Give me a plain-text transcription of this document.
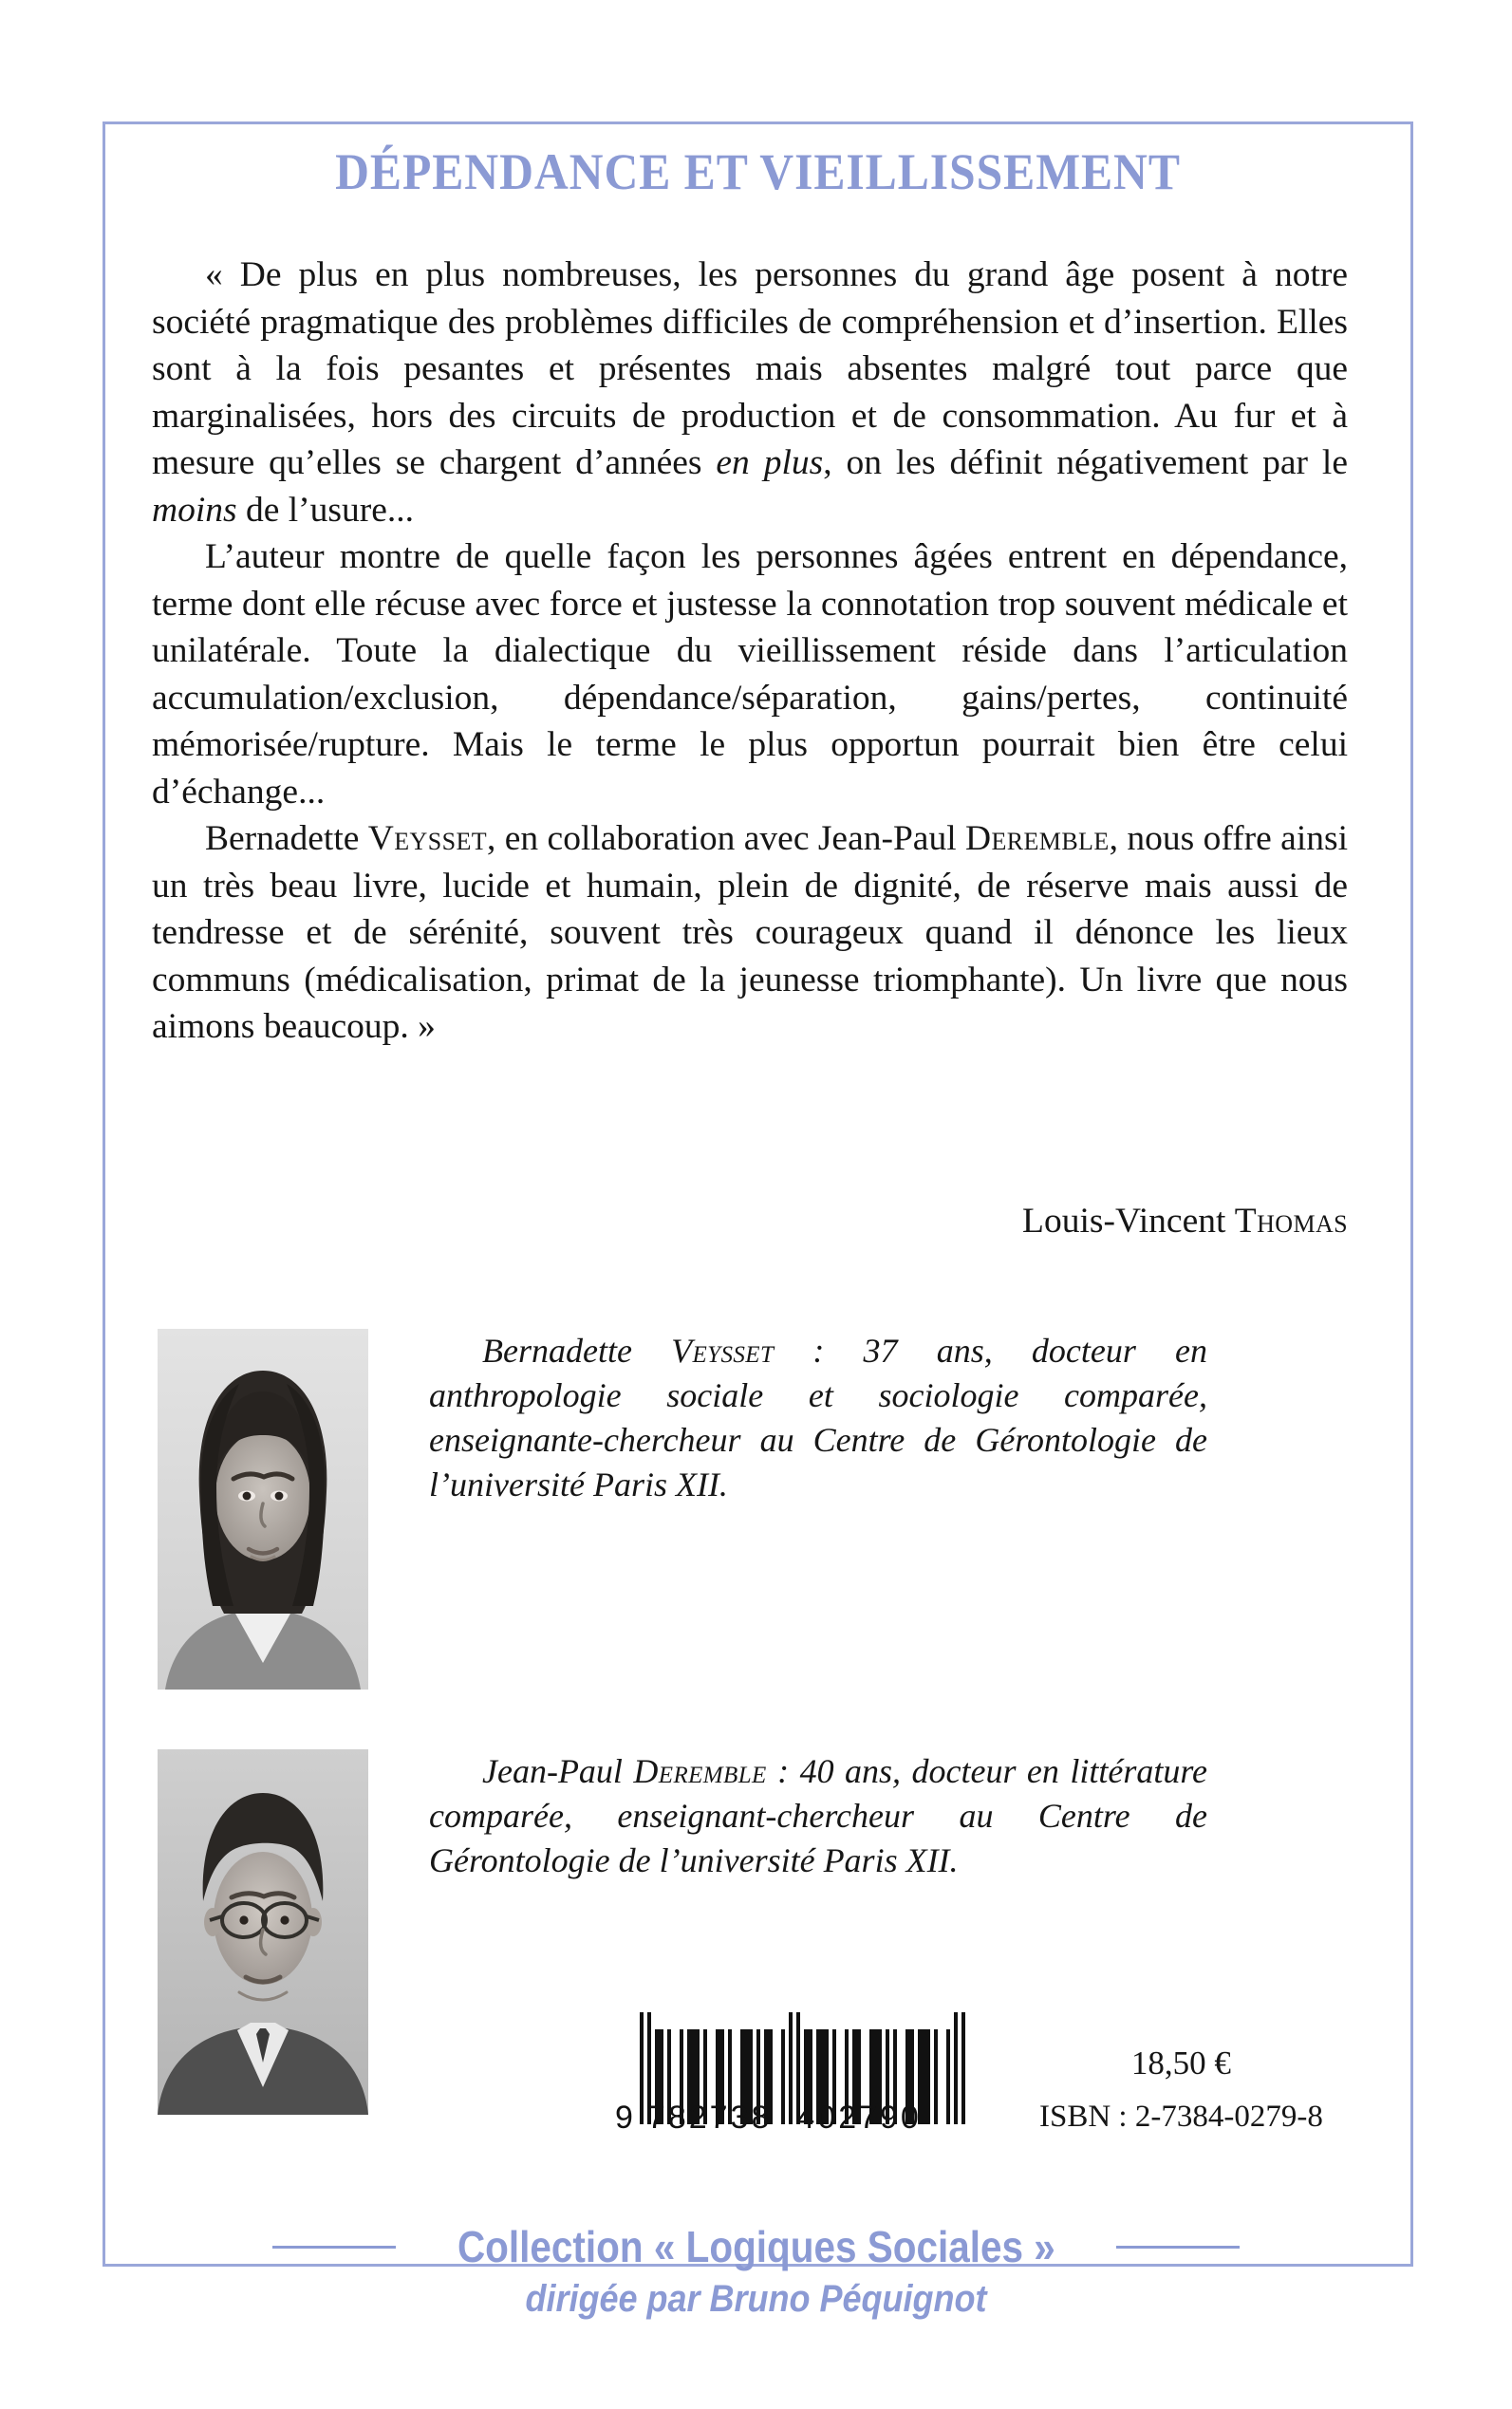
DÉPENDANCE ET VIEILLISSEMENT

« De plus en plus nombreuses, les personnes du grand âge posent à notre société pragmatique des problèmes difficiles de compréhension et d’insertion. Elles sont à la fois pesantes et présentes mais absentes malgré tout parce que marginalisées, hors des circuits de production et de consommation. Au fur et à mesure qu’elles se chargent d’années en plus, on les définit négativement par le moins de l’usure...

L’auteur montre de quelle façon les personnes âgées entrent en dépendance, terme dont elle récuse avec force et justesse la connotation trop souvent médicale et unilatérale. Toute la dialectique du vieillissement réside dans l’articulation accumulation/exclusion, dépendance/séparation, gains/pertes, continuité mémorisée/rupture. Mais le terme le plus opportun pourrait bien être celui d’échange...

Bernadette Veysset, en collaboration avec Jean-Paul Deremble, nous offre ainsi un très beau livre, lucide et humain, plein de dignité, de réserve mais aussi de tendresse et de sérénité, souvent très courageux quand il dénonce les lieux communs (médicalisation, primat de la jeunesse triomphante). Un livre que nous aimons beaucoup. »

Louis-Vincent Thomas

Bernadette Veysset : 37 ans, docteur en anthropologie sociale et sociologie comparée, enseignante-chercheur au Centre de Gérontologie de l’université Paris XII.

Jean-Paul Deremble : 40 ans, docteur en littérature comparée, enseignant-chercheur au Centre de Gérontologie de l’université Paris XII.

9 782738 402790
18,50 €
ISBN : 2-7384-0279-8
Collection « Logiques Sociales »
dirigée par Bruno Péquignot
